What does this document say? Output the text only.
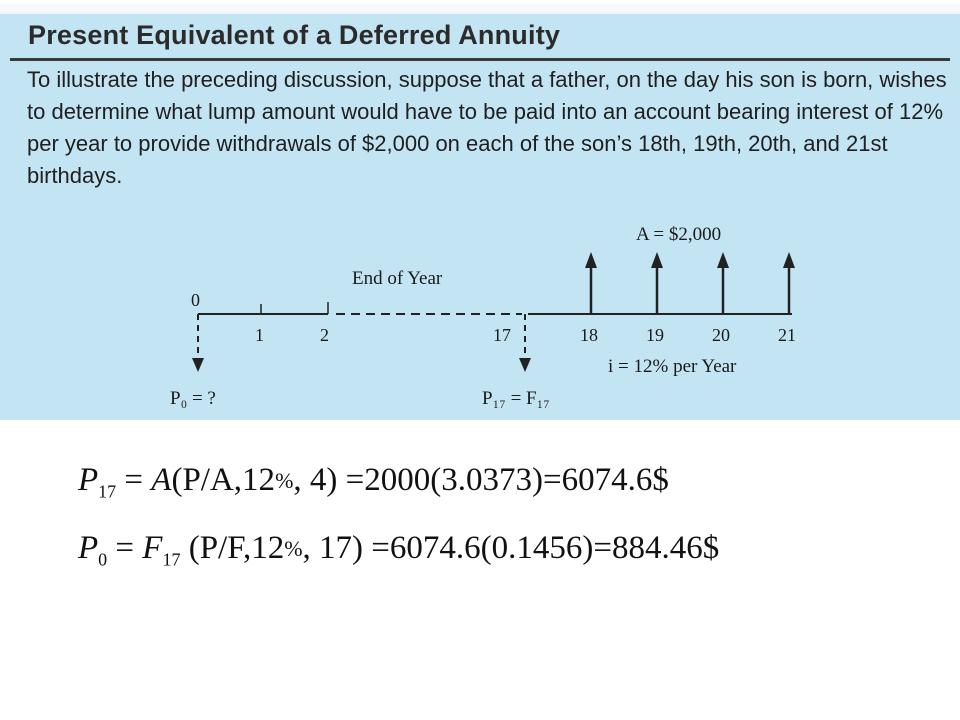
Present Equivalent of a Deferred Annuity

To illustrate the preceding discussion, suppose that a father, on the day his son is born, wishes to determine what lump amount would have to be paid into an account bearing interest of 12% per year to provide withdrawals of $2,000 on each of the son’s 18th, 19th, 20th, and 21st birthdays.

End of Year
0
1	2	17	18	19	20	21
A = $2,000
i = 12% per Year
P₀ = ?	P₁₇ = F₁₇
$P_{17} = A(P/A,12\%$, 4) =2000(3.0373)=6074.6$
$P_0 = F_{17}$ (P/F,12%, 17) =6074.6(0.1456)=884.46$
